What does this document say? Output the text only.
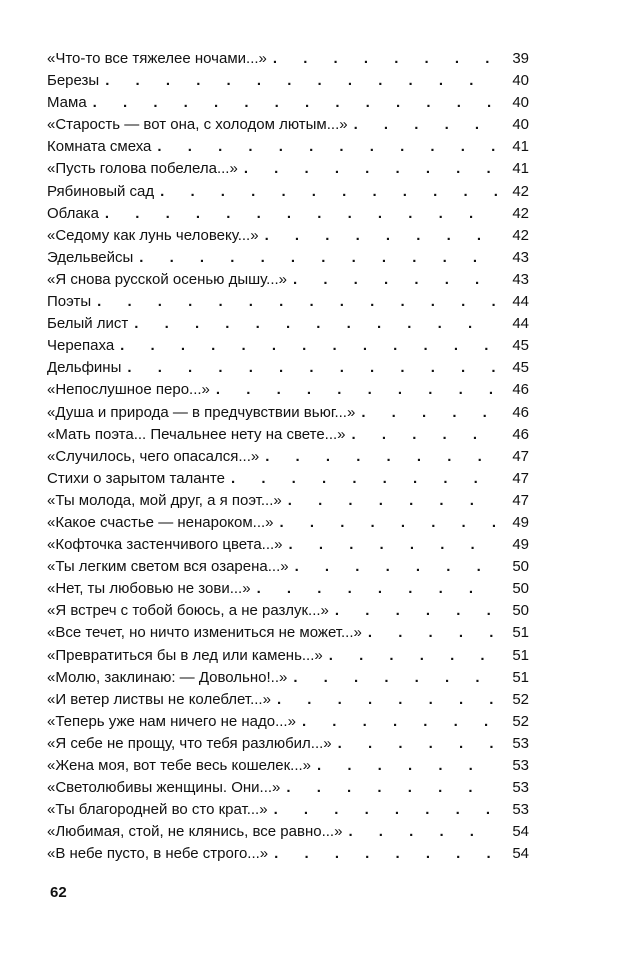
«Что-то все тяжелее ночами...» . . .	39
Березы . . .	40
Мама . . .	40
«Старость — вот она, с холодом лютым...» . . .	40
Комната смеха . . .	41
«Пусть голова побелела...» . . .	41
Рябиновый сад . . .	42
Облака . . .	42
«Седому как лунь человеку...» . . .	42
Эдельвейсы . . .	43
«Я снова русской осенью дышу...» . . .	43
Поэты . . .	44
Белый лист . . .	44
Черепаха . . .	45
Дельфины . . .	45
«Непослушное перо...» . . .	46
«Душа и природа — в предчувствии вьюг...» . . .	46
«Мать поэта... Печальнее нету на свете...» . . .	46
«Случилось, чего опасался...» . . .	47
Стихи о зарытом таланте . . .	47
«Ты молода, мой друг, а я поэт...» . . .	47
«Какое счастье — ненароком...» . . .	49
«Кофточка застенчивого цвета...» . . .	49
«Ты легким светом вся озарена...» . . .	50
«Нет, ты любовью не зови...» . . .	50
«Я встреч с тобой боюсь, а не разлук...» . . .	50
«Все течет, но ничто измениться не может...» . . .	51
«Превратиться бы в лед или камень...» . . .	51
«Молю, заклинаю: — Довольно!..» . . .	51
«И ветер листвы не колеблет...» . . .	52
«Теперь уже нам ничего не надо...» . . .	52
«Я себе не прощу, что тебя разлюбил...» . . .	53
«Жена моя, вот тебе весь кошелек...» . . .	53
«Светолюбивы женщины. Они...» . . .	53
«Ты благородней во сто крат...» . . .	53
«Любимая, стой, не клянись, все равно...» . . .	54
«В небе пусто, в небе строго...» . . .	54
62
